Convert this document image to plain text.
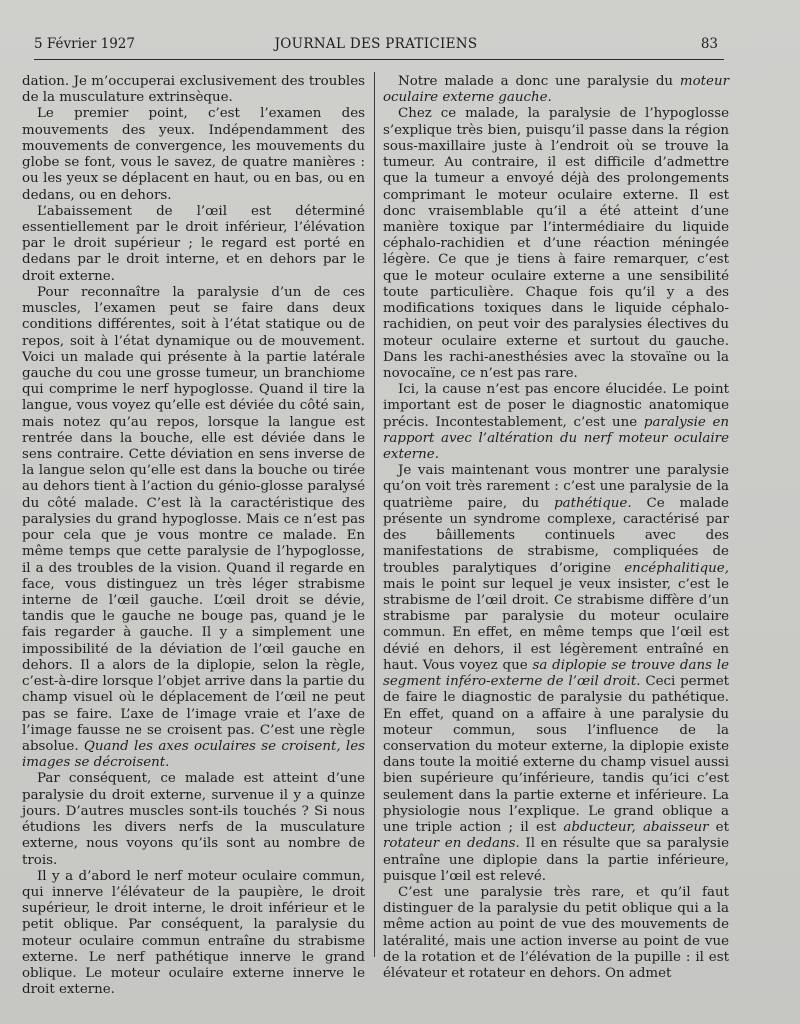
5 Février 1927	JOURNAL DES PRATICIENS	83

dation. Je m’occuperai exclusivement des troubles de la musculature extrinsèque.

Le premier point, c’est l’examen des mouvements des yeux. Indépendamment des mouvements de convergence, les mouvements du globe se font, vous le savez, de quatre manières : ou les yeux se déplacent en haut, ou en bas, ou en dedans, ou en dehors.

L’abaissement de l’œil est déterminé essentiellement par le droit inférieur, l’élévation par le droit supérieur ; le regard est porté en dedans par le droit interne, et en dehors par le droit externe.

Pour reconnaître la paralysie d’un de ces muscles, l’examen peut se faire dans deux conditions différentes, soit à l’état statique ou de repos, soit à l’état dynamique ou de mouvement. Voici un malade qui présente à la partie latérale gauche du cou une grosse tumeur, un branchiome qui comprime le nerf hypoglosse. Quand il tire la langue, vous voyez qu’elle est déviée du côté sain, mais notez qu’au repos, lorsque la langue est rentrée dans la bouche, elle est déviée dans le sens contraire. Cette déviation en sens inverse de la langue selon qu’elle est dans la bouche ou tirée au dehors tient à l’action du génio-glosse paralysé du côté malade. C’est là la caractéristique des paralysies du grand hypoglosse. Mais ce n’est pas pour cela que je vous montre ce malade. En même temps que cette paralysie de l’hypoglosse, il a des troubles de la vision. Quand il regarde en face, vous distinguez un très léger strabisme interne de l’œil gauche. L’œil droit se dévie, tandis que le gauche ne bouge pas, quand je le fais regarder à gauche. Il y a simplement une impossibilité de la déviation de l’œil gauche en dehors. Il a alors de la diplopie, selon la règle, c’est-à-dire lorsque l’objet arrive dans la partie du champ visuel où le déplacement de l’œil ne peut pas se faire. L’axe de l’image vraie et l’axe de l’image fausse ne se croisent pas. C’est une règle absolue. Quand les axes oculaires se croisent, les images se décroisent.

Par conséquent, ce malade est atteint d’une paralysie du droit externe, survenue il y a quinze jours. D’autres muscles sont-ils touchés ? Si nous étudions les divers nerfs de la musculature externe, nous voyons qu’ils sont au nombre de trois.

Il y a d’abord le nerf moteur oculaire commun, qui innerve l’élévateur de la paupière, le droit supérieur, le droit interne, le droit inférieur et le petit oblique. Par conséquent, la paralysie du moteur oculaire commun entraîne du strabisme externe. Le nerf pathétique innerve le grand oblique. Le moteur oculaire externe innerve le droit externe.

Notre malade a donc une paralysie du moteur oculaire externe gauche.

Chez ce malade, la paralysie de l’hypoglosse s’explique très bien, puisqu’il passe dans la région sous-maxillaire juste à l’endroit où se trouve la tumeur. Au contraire, il est difficile d’admettre que la tumeur a envoyé déjà des prolongements comprimant le moteur oculaire externe. Il est donc vraisemblable qu’il a été atteint d’une manière toxique par l’intermédiaire du liquide céphalo-rachidien et d’une réaction méningée légère. Ce que je tiens à faire remarquer, c’est que le moteur oculaire externe a une sensibilité toute particulière. Chaque fois qu’il y a des modifications toxiques dans le liquide céphalo-rachidien, on peut voir des paralysies électives du moteur oculaire externe et surtout du gauche. Dans les rachi-anesthésies avec la stovaïne ou la novocaïne, ce n’est pas rare.

Ici, la cause n’est pas encore élucidée. Le point important est de poser le diagnostic anatomique précis. Incontestablement, c’est une paralysie en rapport avec l’altération du nerf moteur oculaire externe.

Je vais maintenant vous montrer une paralysie qu’on voit très rarement : c’est une paralysie de la quatrième paire, du pathétique. Ce malade présente un syndrome complexe, caractérisé par des bâillements continuels avec des manifestations de strabisme, compliquées de troubles paralytiques d’origine encéphalitique, mais le point sur lequel je veux insister, c’est le strabisme de l’œil droit. Ce strabisme diffère d’un strabisme par paralysie du moteur oculaire commun. En effet, en même temps que l’œil est dévié en dehors, il est légèrement entraîné en haut. Vous voyez que sa diplopie se trouve dans le segment inféro-externe de l’œil droit. Ceci permet de faire le diagnostic de paralysie du pathétique. En effet, quand on a affaire à une paralysie du moteur commun, sous l’influence de la conservation du moteur externe, la diplopie existe dans toute la moitié externe du champ visuel aussi bien supérieure qu’inférieure, tandis qu’ici c’est seulement dans la partie externe et inférieure. La physiologie nous l’explique. Le grand oblique a une triple action ; il est abducteur, abaisseur et rotateur en dedans. Il en résulte que sa paralysie entraîne une diplopie dans la partie inférieure, puisque l’œil est relevé.

C’est une paralysie très rare, et qu’il faut distinguer de la paralysie du petit oblique qui a la même action au point de vue des mouvements de latéralité, mais une action inverse au point de vue de la rotation et de l’élévation de la pupille : il est élévateur et rotateur en dehors. On admet
